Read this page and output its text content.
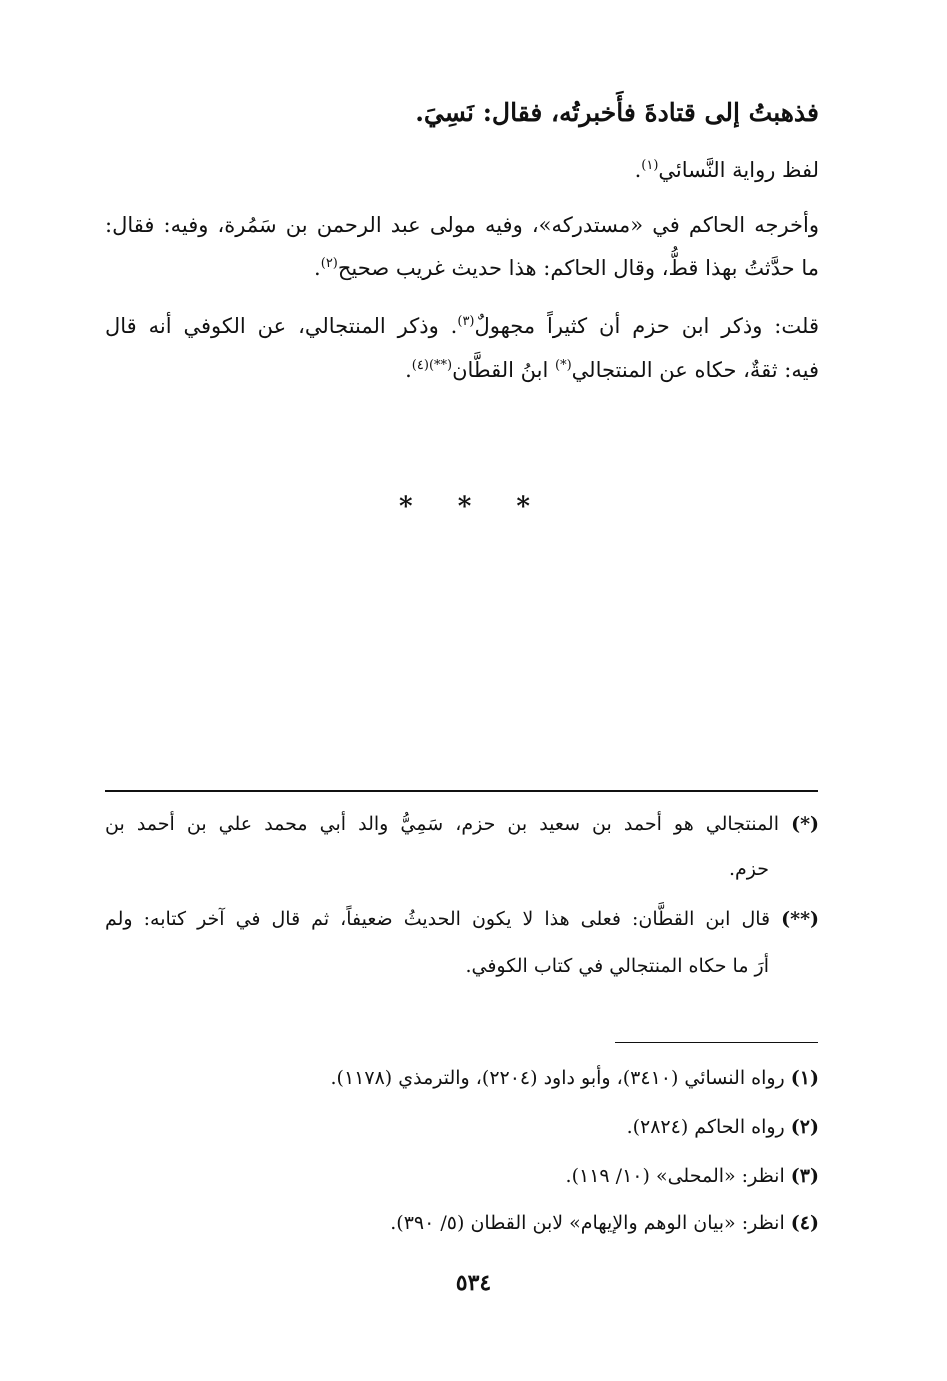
فذهبتُ إلى قتادةَ فأَخبرتُه، فقال: نَسِيَ.
لفظ رواية النَّسائي$^{(١)}$.
وأخرجه الحاكم في «مستدركه»، وفيه مولى عبد الرحمن بن سَمُرة، وفيه: فقال:
ما حدَّثتُ بهذا قطُّ، وقال الحاكم: هذا حديث غريب صحيح$^{(٢)}$.
قلت: وذكر ابن حزم أن كثيراً مجهولٌ$^{(٣)}$. وذكر المنتجالي، عن الكوفي أنه قال
فيه: ثقةٌ، حكاه عن المنتجالي(*) ابنُ القطَّان$^{(**)(٤)}$.
* * *
(*) المنتجالي هو أحمد بن سعيد بن حزم، سَمِيُّ والد أبي محمد علي بن أحمد بن
حزم.
(**) قال ابن القطَّان: فعلى هذا لا يكون الحديثُ ضعيفاً، ثم قال في آخر كتابه: ولم
أرَ ما حكاه المنتجالي في كتاب الكوفي.
(١) رواه النسائي (٣٤١٠)، وأبو داود (٢٢٠٤)، والترمذي (١١٧٨).
(٢) رواه الحاكم (٢٨٢٤).
(٣) انظر: «المحلى» (١٠/ ١١٩).
(٤) انظر: «بيان الوهم والإيهام» لابن القطان (٥/ ٣٩٠).
٥٣٤
